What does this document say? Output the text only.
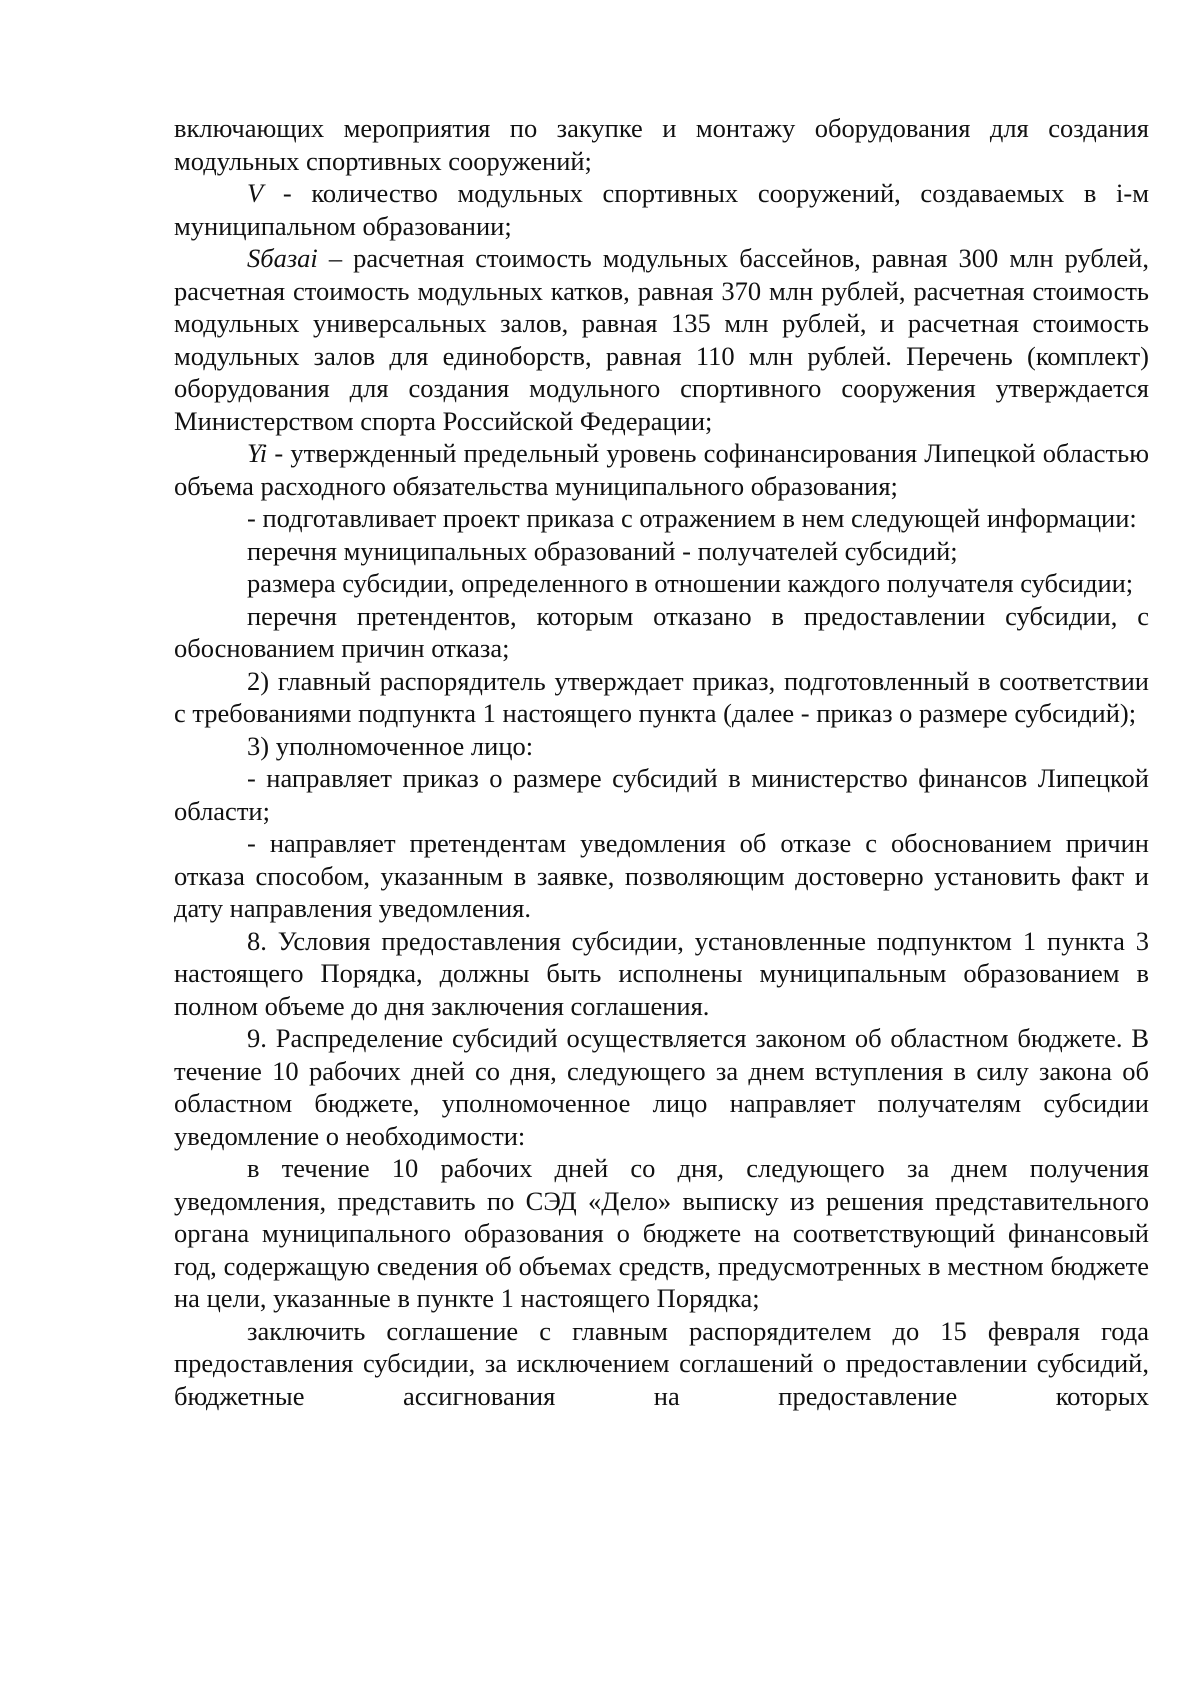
включающих мероприятия по закупке и монтажу оборудования для создания модульных спортивных сооружений;

V - количество модульных спортивных сооружений, создаваемых в i-м муниципальном образовании;

Sбазаi – расчетная стоимость модульных бассейнов, равная 300 млн рублей, расчетная стоимость модульных катков, равная 370 млн рублей, расчетная стоимость модульных универсальных залов, равная 135 млн рублей, и расчетная стоимость модульных залов для единоборств, равная 110 млн рублей. Перечень (комплект) оборудования для создания модульного спортивного сооружения утверждается Министерством спорта Российской Федерации;

Yi - утвержденный предельный уровень софинансирования Липецкой областью объема расходного обязательства муниципального образования;

- подготавливает проект приказа с отражением в нем следующей информации:

перечня муниципальных образований - получателей субсидий;

размера субсидии, определенного в отношении каждого получателя субсидии;

перечня претендентов, которым отказано в предоставлении субсидии, с обоснованием причин отказа;

2) главный распорядитель утверждает приказ, подготовленный в соответствии с требованиями подпункта 1 настоящего пункта (далее - приказ о размере субсидий);

3) уполномоченное лицо:

- направляет приказ о размере субсидий в министерство финансов Липецкой области;

- направляет претендентам уведомления об отказе с обоснованием причин отказа способом, указанным в заявке, позволяющим достоверно установить факт и дату направления уведомления.

8. Условия предоставления субсидии, установленные подпунктом 1 пункта 3 настоящего Порядка, должны быть исполнены муниципальным образованием в полном объеме до дня заключения соглашения.

9. Распределение субсидий осуществляется законом об областном бюджете. В течение 10 рабочих дней со дня, следующего за днем вступления в силу закона об областном бюджете, уполномоченное лицо направляет получателям субсидии уведомление о необходимости:

в течение 10 рабочих дней со дня, следующего за днем получения уведомления, представить по СЭД «Дело» выписку из решения представительного органа муниципального образования о бюджете на соответствующий финансовый год, содержащую сведения об объемах средств, предусмотренных в местном бюджете на цели, указанные в пункте 1 настоящего Порядка;

заключить соглашение с главным распорядителем до 15 февраля года предоставления субсидии, за исключением соглашений о предоставлении субсидий, бюджетные ассигнования на предоставление которых
